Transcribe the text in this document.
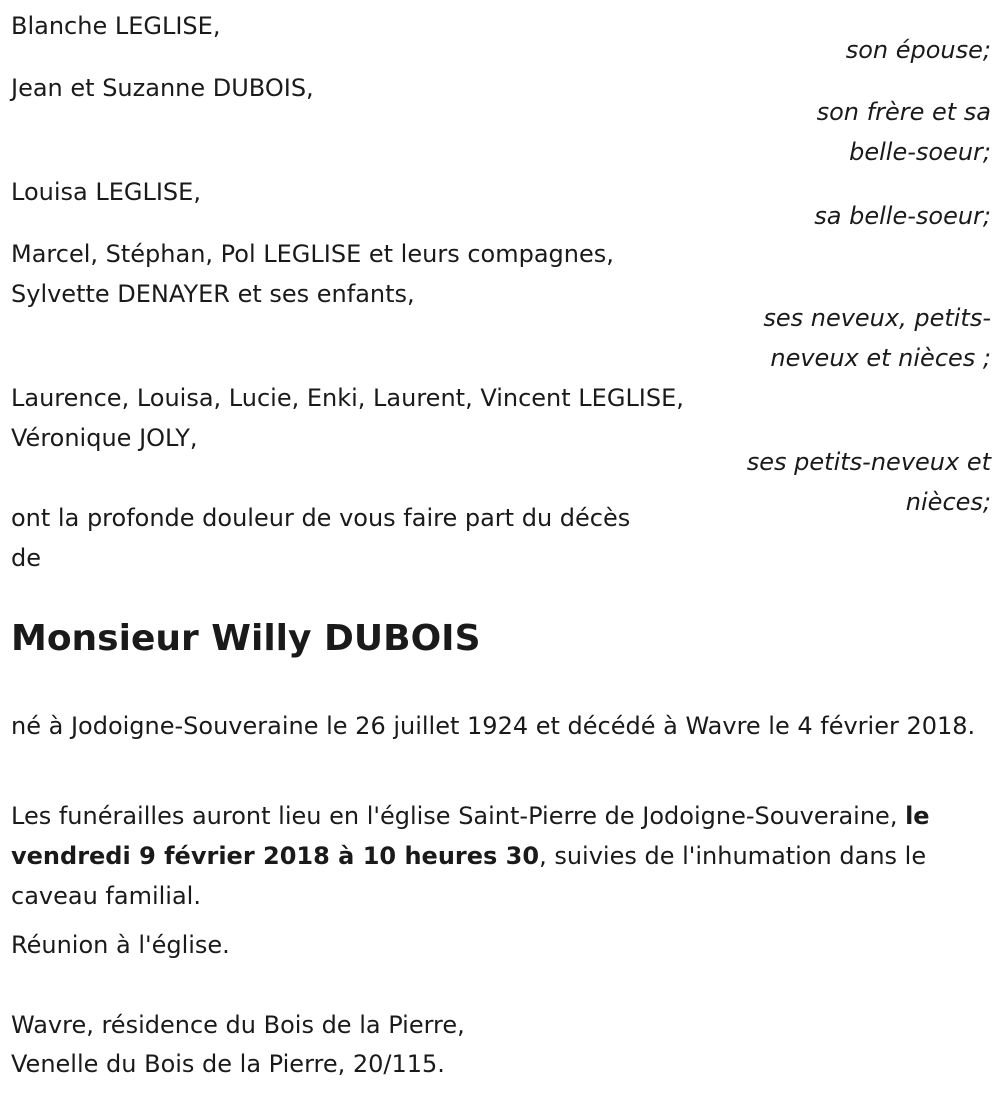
Blanche LEGLISE,
son épouse;
Jean et Suzanne DUBOIS,
son frère et sa
belle-soeur;
Louisa LEGLISE,
sa belle-soeur;
Marcel, Stéphan, Pol LEGLISE et leurs compagnes,
Sylvette DENAYER et ses enfants,
ses neveux, petits-
neveux et nièces ;
Laurence, Louisa, Lucie, Enki, Laurent, Vincent LEGLISE,
Véronique JOLY,
ses petits-neveux et
nièces;
ont la profonde douleur de vous faire part du décès
de
Monsieur Willy DUBOIS
né à Jodoigne-Souveraine le 26 juillet 1924 et décédé à Wavre le 4 février 2018.
Les funérailles auront lieu en l'église Saint-Pierre de Jodoigne-Souveraine, le vendredi 9 février 2018 à 10 heures 30, suivies de l'inhumation dans le caveau familial.
Réunion à l'église.
Wavre, résidence du Bois de la Pierre,
Venelle du Bois de la Pierre, 20/115.
